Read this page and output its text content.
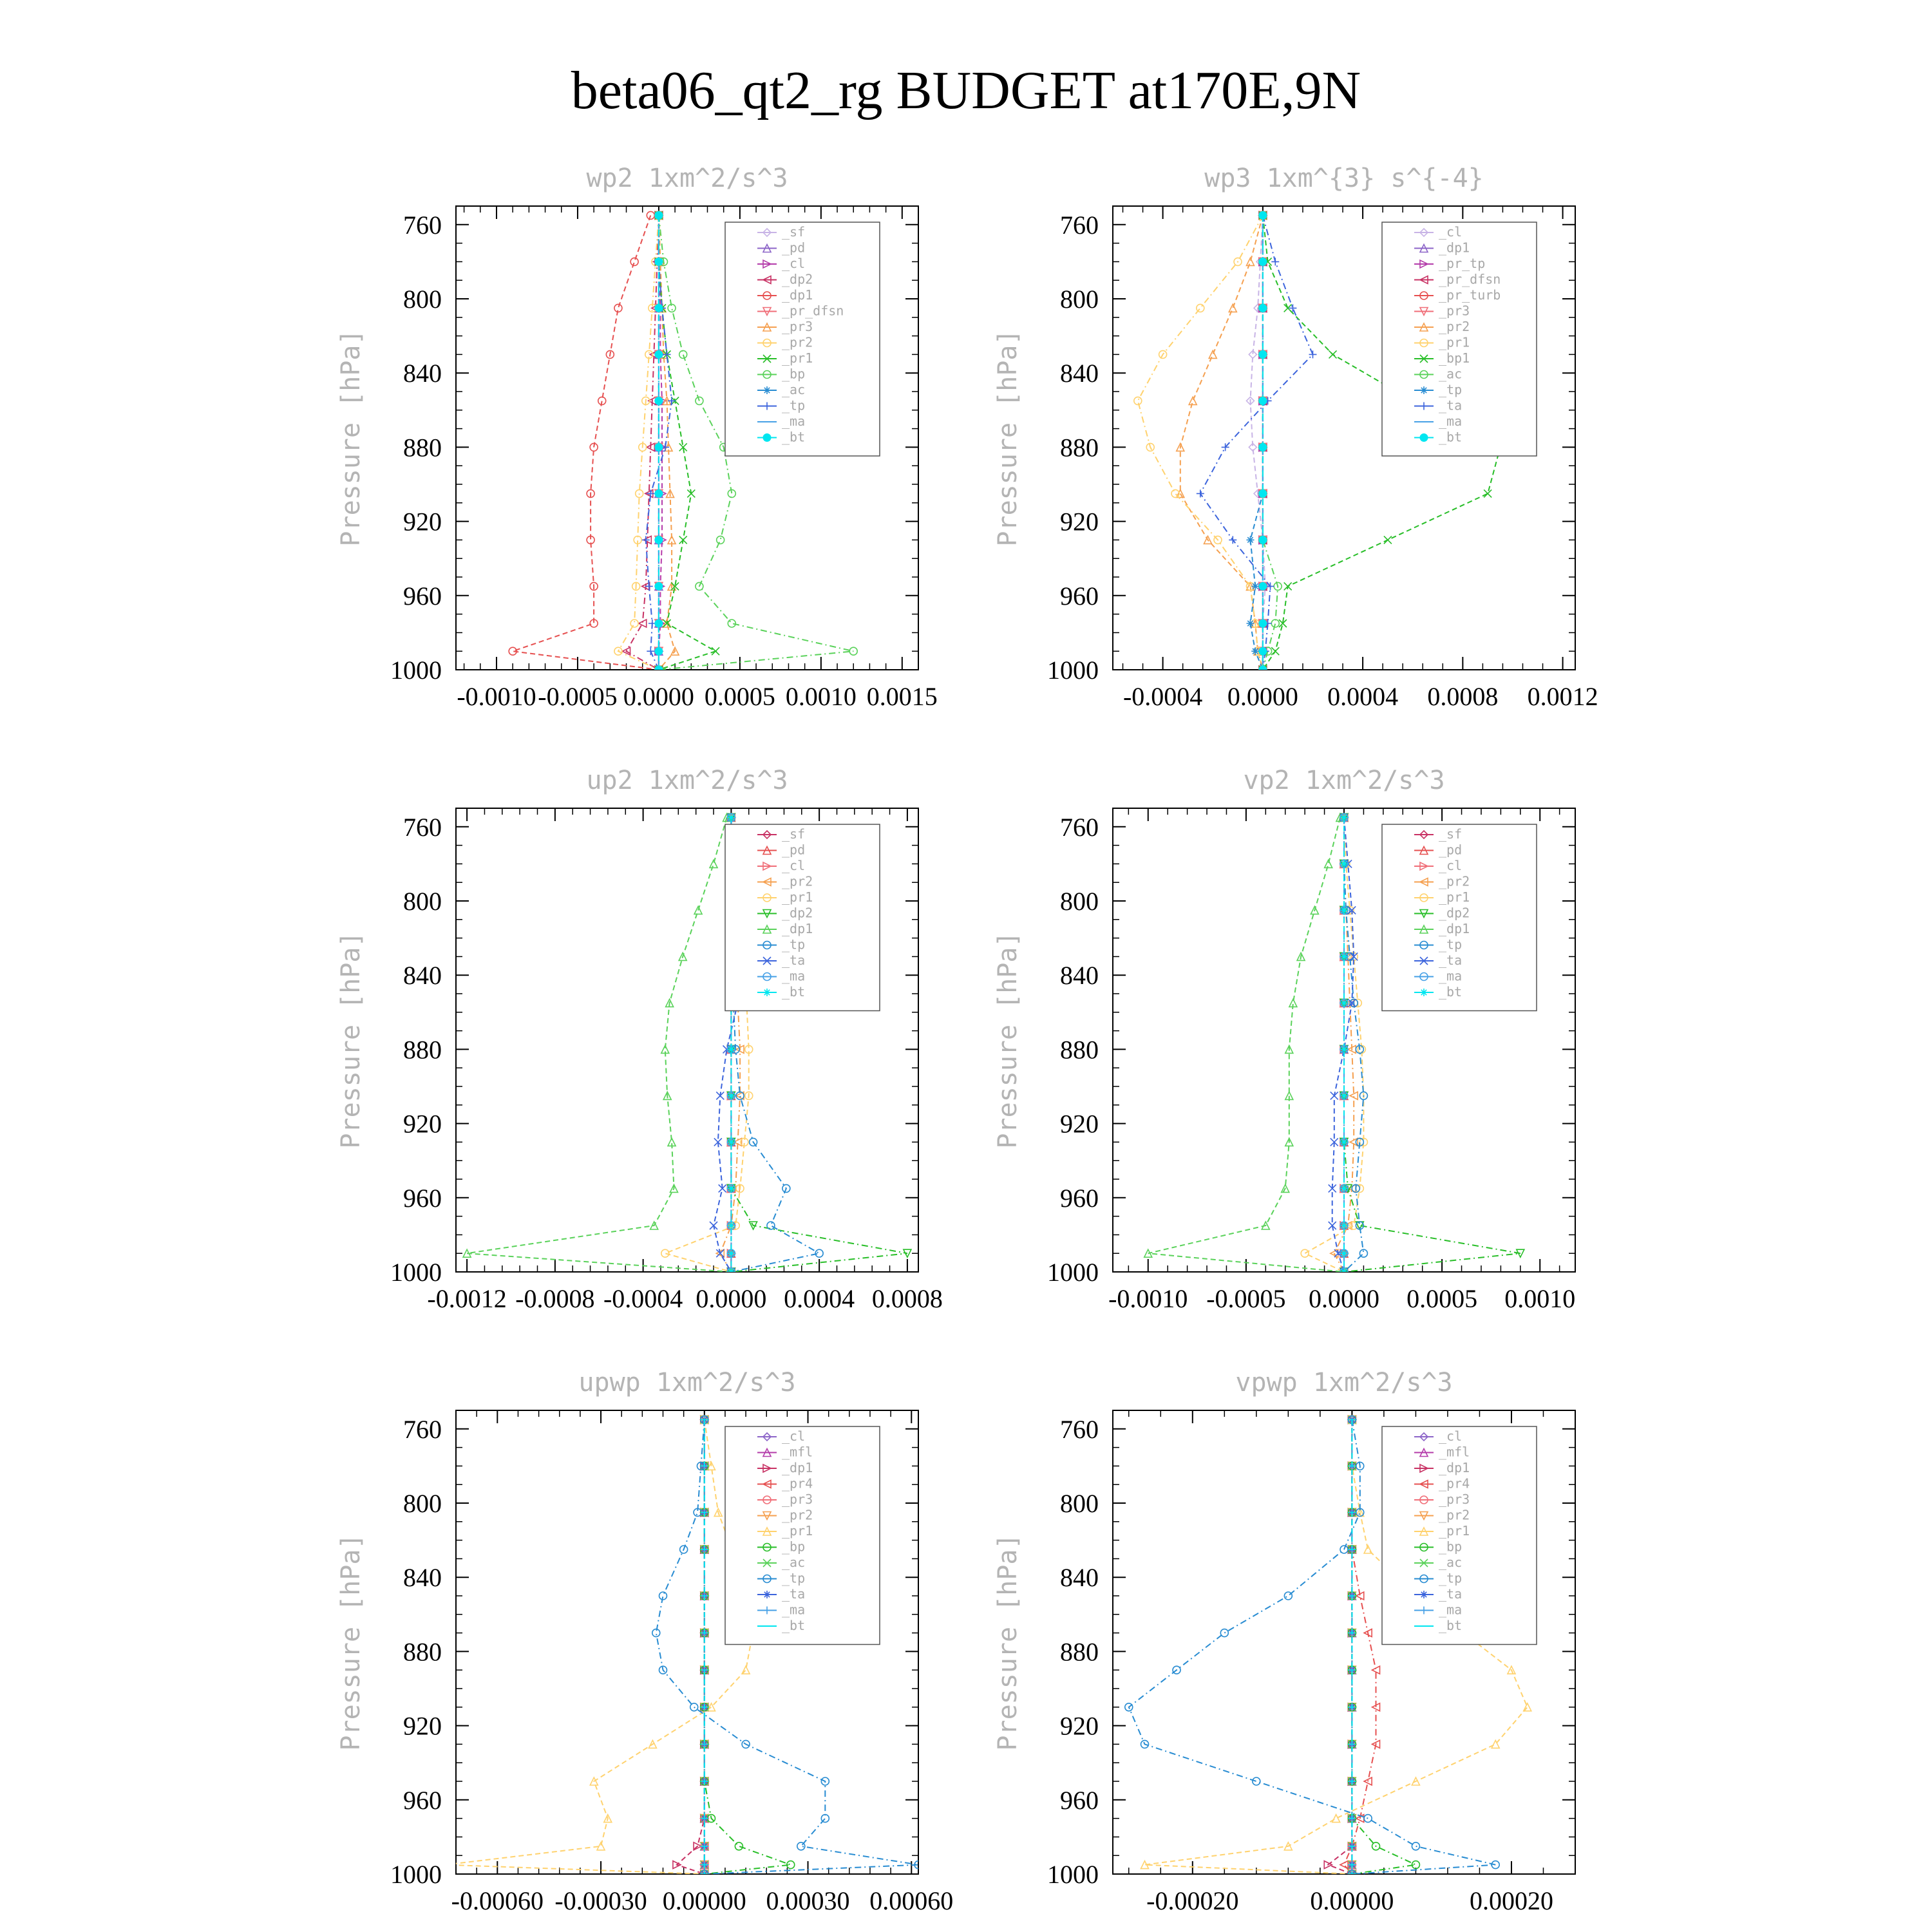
beta06_qt2_rg BUDGET at170E,9N
wp2 1xm^2/s^3
Pressure [hPa]
-0.0010 -0.0005 0.0000 0.0005 0.0010 0.0015
760
800
840
880
920
960
1000
_sf
_pd
_cl
_dp2
_dp1
_pr_dfsn
_pr3
_pr2
_pr1
_bp
_ac
_tp
_ma
_bt
wp3 1xm^{3} s^{-4}
Pressure [hPa]
-0.0004 0.0000 0.0004 0.0008 0.0012
760
800
840
880
920
960
1000
_cl
_dp1
_pr_tp
_pr_dfsn
_pr_turb
_pr3
_pr2
_pr1
_bp1
_ac
_tp
_ta
_ma
_bt
up2 1xm^2/s^3
Pressure [hPa]
-0.0012 -0.0008 -0.0004 0.0000 0.0004 0.0008
760
800
840
880
920
960
1000
_sf
_pd
_cl
_pr2
_pr1
_dp2
_dp1
_tp
_ta
_ma
_bt
vp2 1xm^2/s^3
Pressure [hPa]
-0.0010 -0.0005 0.0000 0.0005 0.0010
760
800
840
880
920
960
1000
_sf
_pd
_cl
_pr2
_pr1
_dp2
_dp1
_tp
_ta
_ma
_bt
upwp 1xm^2/s^3
Pressure [hPa]
-0.00060 -0.00030 0.00000 0.00030 0.00060
760
800
840
880
920
960
1000
_cl
_mfl
_dp1
_pr4
_pr3
_pr2
_pr1
_bp
_ac
_tp
_ta
_ma
_bt
vpwp 1xm^2/s^3
Pressure [hPa]
-0.00020	0.00000	0.00020
760
800
840
880
920
960
1000
_cl
_mfl
_dp1
_pr4
_pr3
_pr2
_pr1
_bp
_ac
_tp
_ta
_ma
_bt
